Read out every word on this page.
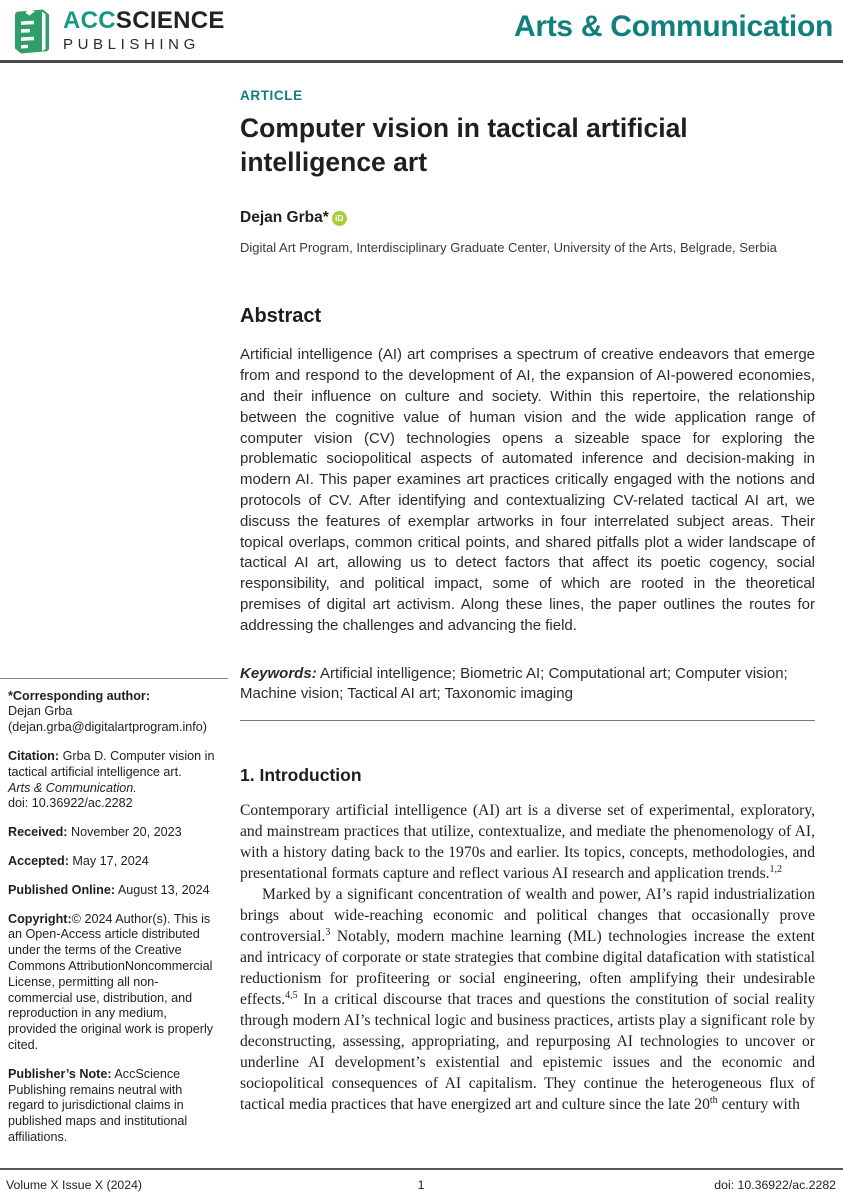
ACCSCIENCE
PUBLISHING
Arts & Communication
ARTICLE
Computer vision in tactical artificial intelligence art
Dejan Grba* iD
Digital Art Program, Interdisciplinary Graduate Center, University of the Arts, Belgrade, Serbia
Abstract

Artificial intelligence (AI) art comprises a spectrum of creative endeavors that emerge from and respond to the development of AI, the expansion of AI-powered economies, and their influence on culture and society. Within this repertoire, the relationship between the cognitive value of human vision and the wide application range of computer vision (CV) technologies opens a sizeable space for exploring the problematic sociopolitical aspects of automated inference and decision-making in modern AI. This paper examines art practices critically engaged with the notions and protocols of CV. After identifying and contextualizing CV-related tactical AI art, we discuss the features of exemplar artworks in four interrelated subject areas. Their topical overlaps, common critical points, and shared pitfalls plot a wider landscape of tactical AI art, allowing us to detect factors that affect its poetic cogency, social responsibility, and political impact, some of which are rooted in the theoretical premises of digital art activism. Along these lines, the paper outlines the routes for addressing the challenges and advancing the field.

*Corresponding author:
Dejan Grba
(dejan.grba@digitalartprogram.info)

Citation: Grba D. Computer vision in tactical artificial intelligence art.
Arts & Communication.
doi: 10.36922/ac.2282

Received: November 20, 2023

Accepted: May 17, 2024

Published Online: August 13, 2024

Copyright:© 2024 Author(s). This is an Open-Access article distributed under the terms of the Creative Commons AttributionNoncommercial License, permitting all non-commercial use, distribution, and reproduction in any medium, provided the original work is properly cited.

Publisher’s Note: AccScience Publishing remains neutral with regard to jurisdictional claims in published maps and institutional affiliations.

Keywords: Artificial intelligence; Biometric AI; Computational art; Computer vision; Machine vision; Tactical AI art; Taxonomic imaging

1. Introduction

Contemporary artificial intelligence (AI) art is a diverse set of experimental, exploratory, and mainstream practices that utilize, contextualize, and mediate the phenomenology of AI, with a history dating back to the 1970s and earlier. Its topics, concepts, methodologies, and presentational formats capture and reflect various AI research and application trends.$^{1,2}$

Marked by a significant concentration of wealth and power, AI’s rapid industrialization brings about wide-reaching economic and political changes that occasionally prove controversial.$^3$ Notably, modern machine learning (ML) technologies increase the extent and intricacy of corporate or state strategies that combine digital datafication with statistical reductionism for profiteering or social engineering, often amplifying their undesirable effects.$^{4,5}$ In a critical discourse that traces and questions the constitution of social reality through modern AI’s technical logic and business practices, artists play a significant role by deconstructing, assessing, appropriating, and repurposing AI technologies to uncover or underline AI development’s existential and epistemic issues and the economic and sociopolitical consequences of AI capitalism. They continue the heterogeneous flux of tactical media practices that have energized art and culture since the late 20th century with

Volume X Issue X (2024)	1	doi: 10.36922/ac.2282
